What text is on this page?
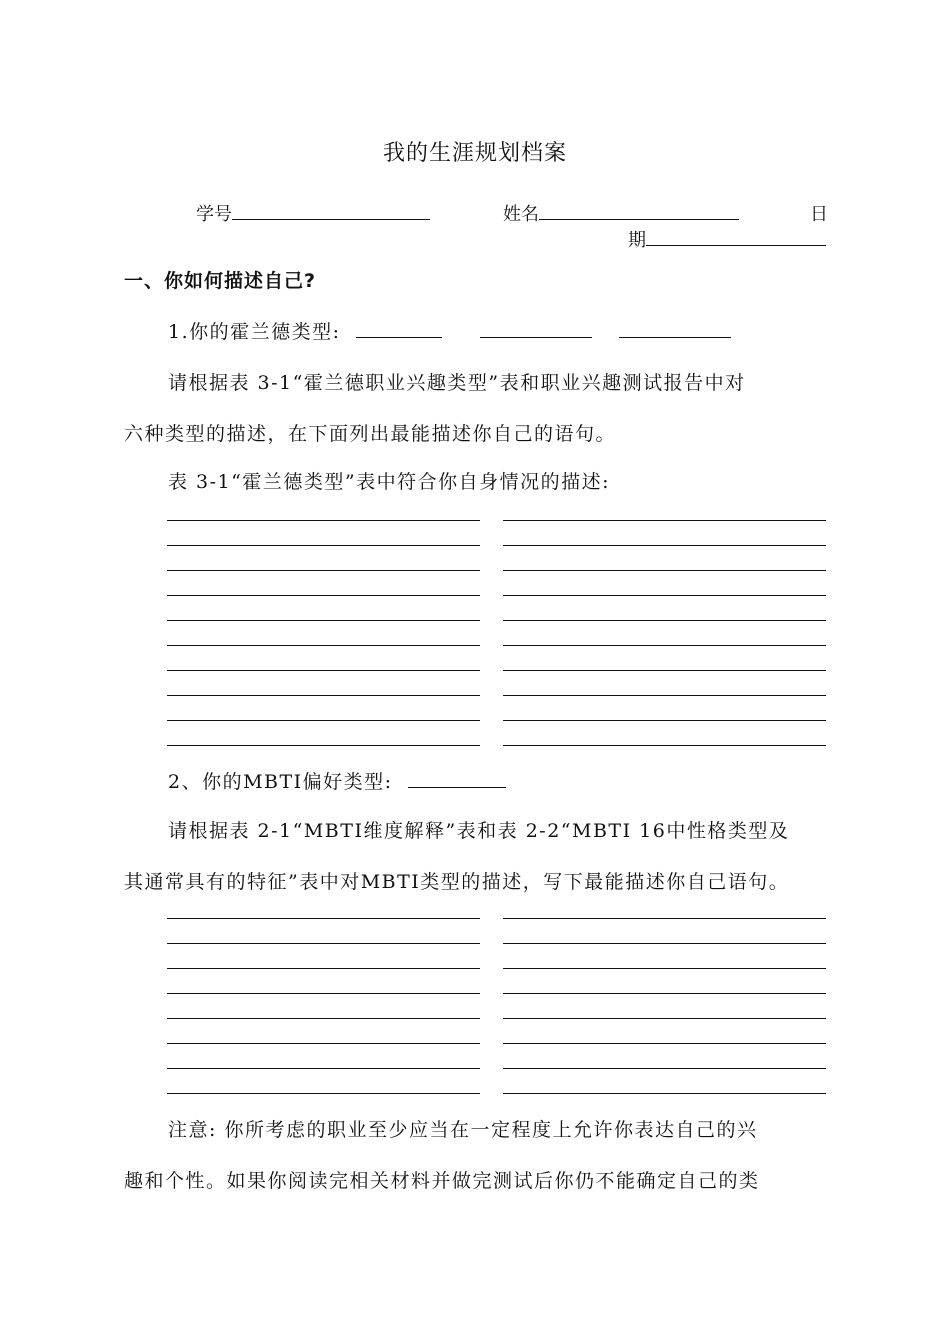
我的生涯规划档案
学号	姓名	日
期
一、你如何描述自己?
1.你的霍兰德类型:
请根据表 3-1“霍兰德职业兴趣类型”表和职业兴趣测试报告中对
六种类型的描述，在下面列出最能描述你自己的语句。
表 3-1“霍兰德类型”表中符合你自身情况的描述:
2、你的MBTI偏好类型:
请根据表 2-1“MBTI维度解释”表和表 2-2“MBTI 16中性格类型及
其通常具有的特征”表中对MBTI类型的描述，写下最能描述你自己语句。
注意: 你所考虑的职业至少应当在一定程度上允许你表达自己的兴
趣和个性。如果你阅读完相关材料并做完测试后你仍不能确定自己的类
